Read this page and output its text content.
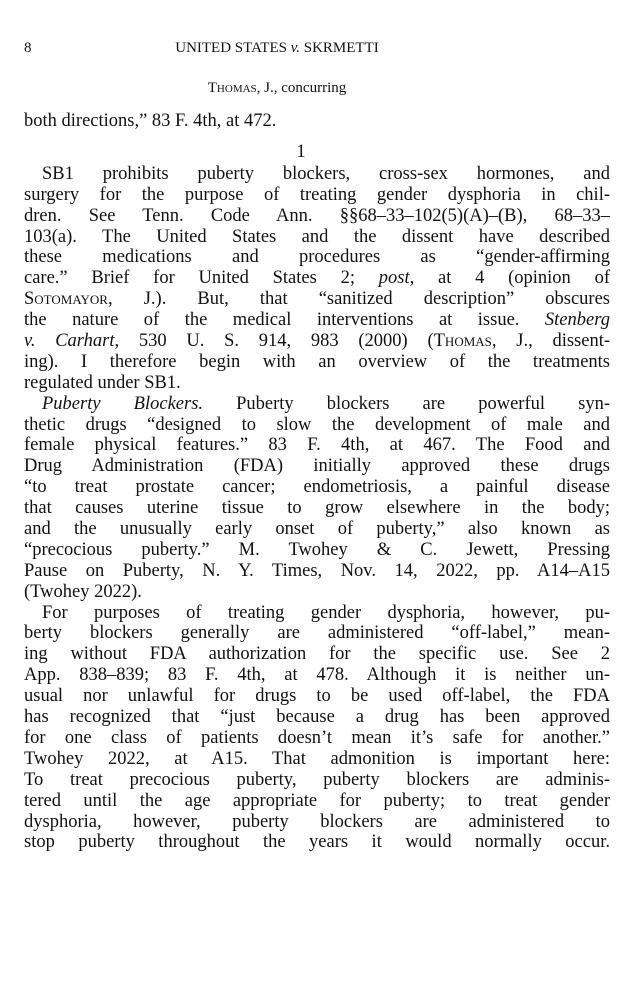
8	UNITED STATES v. SKRMETTI
Thomas, J., concurring
both directions,” 83 F. 4th, at 472.
1
SB1 prohibits puberty blockers, cross-sex hormones, and
surgery for the purpose of treating gender dysphoria in chil-
dren. See Tenn. Code Ann. §§68–33–102(5)(A)–(B), 68–33–
103(a). The United States and the dissent have described
these medications and procedures as “gender-affirming
care.” Brief for United States 2; post, at 4 (opinion of
Sotomayor, J.). But, that “sanitized description” obscures
the nature of the medical interventions at issue. Stenberg
v. Carhart, 530 U. S. 914, 983 (2000) (Thomas, J., dissent-
ing). I therefore begin with an overview of the treatments
regulated under SB1.
Puberty Blockers. Puberty blockers are powerful syn-
thetic drugs “designed to slow the development of male and
female physical features.” 83 F. 4th, at 467. The Food and
Drug Administration (FDA) initially approved these drugs
“to treat prostate cancer; endometriosis, a painful disease
that causes uterine tissue to grow elsewhere in the body;
and the unusually early onset of puberty,” also known as
“precocious puberty.” M. Twohey & C. Jewett, Pressing
Pause on Puberty, N. Y. Times, Nov. 14, 2022, pp. A14–A15
(Twohey 2022).
For purposes of treating gender dysphoria, however, pu-
berty blockers generally are administered “off-label,” mean-
ing without FDA authorization for the specific use. See 2
App. 838–839; 83 F. 4th, at 478. Although it is neither un-
usual nor unlawful for drugs to be used off-label, the FDA
has recognized that “just because a drug has been approved
for one class of patients doesn’t mean it’s safe for another.”
Twohey 2022, at A15. That admonition is important here:
To treat precocious puberty, puberty blockers are adminis-
tered until the age appropriate for puberty; to treat gender
dysphoria, however, puberty blockers are administered to
stop puberty throughout the years it would normally occur.
